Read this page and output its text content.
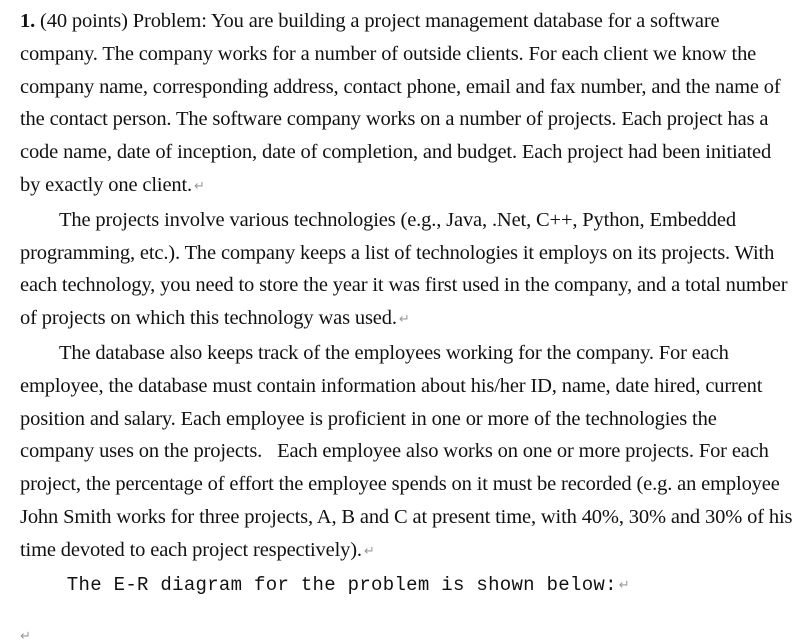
1. (40 points) Problem: You are building a project management database for a software company. The company works for a number of outside clients. For each client we know the company name, corresponding address, contact phone, email and fax number, and the name of the contact person. The software company works on a number of projects. Each project has a code name, date of inception, date of completion, and budget. Each project had been initiated by exactly one client. ↵

The projects involve various technologies (e.g., Java, .Net, C++, Python, Embedded programming, etc.). The company keeps a list of technologies it employs on its projects. With each technology, you need to store the year it was first used in the company, and a total number of projects on which this technology was used. ↵

The database also keeps track of the employees working for the company. For each employee, the database must contain information about his/her ID, name, date hired, current position and salary. Each employee is proficient in one or more of the technologies the company uses on the projects.   Each employee also works on one or more projects. For each project, the percentage of effort the employee spends on it must be recorded (e.g. an employee John Smith works for three projects, A, B and C at present time, with 40%, 30% and 30% of his time devoted to each project respectively). ↵

The E-R diagram for the problem is shown below: ↵

↵
